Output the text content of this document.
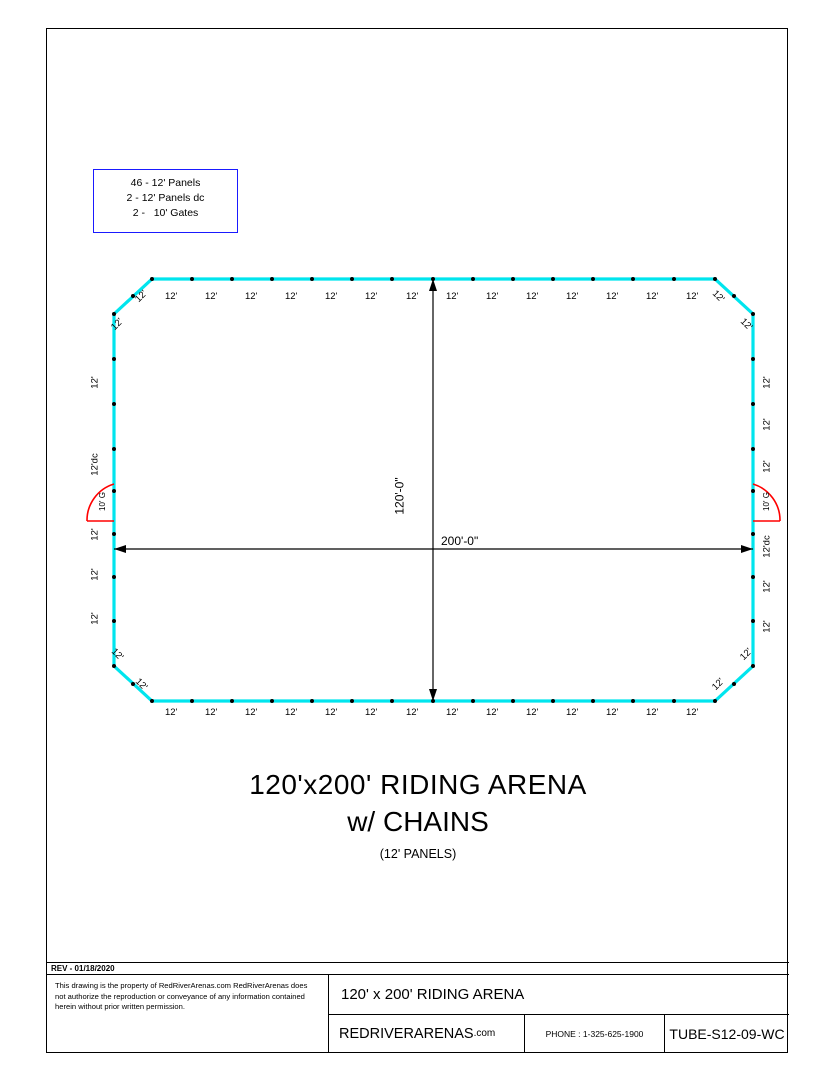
46 - 12' Panels
2 - 12' Panels dc
2 -   10' Gates
12'	12'	12'	12'	12'	12'	12'	12'	12'	12'	12'	12'	12'	12'
12'	12'	12'	12'	12'	12'	12'	12'	12'	12'	12'	12'	12'	12'
12'
12'
12'
12'
12'
12'
12'
12'
12'
12'dc
10' G
12'
12'
12'
12'
12'
12'
10' G
12'dc
12'
12'
200'-0"
120'-0"
120'x200' RIDING ARENA
w/ CHAINS
(12' PANELS)
REV - 01/18/2020

This drawing is the property of RedRiverArenas.com RedRiverArenas does not authorize the reproduction or conveyance of any information contained herein without prior written permission.

120' x 200' RIDING ARENA
REDRIVERARENAS .com	PHONE : 1-325-625-1900	TUBE-S12-09-WC
